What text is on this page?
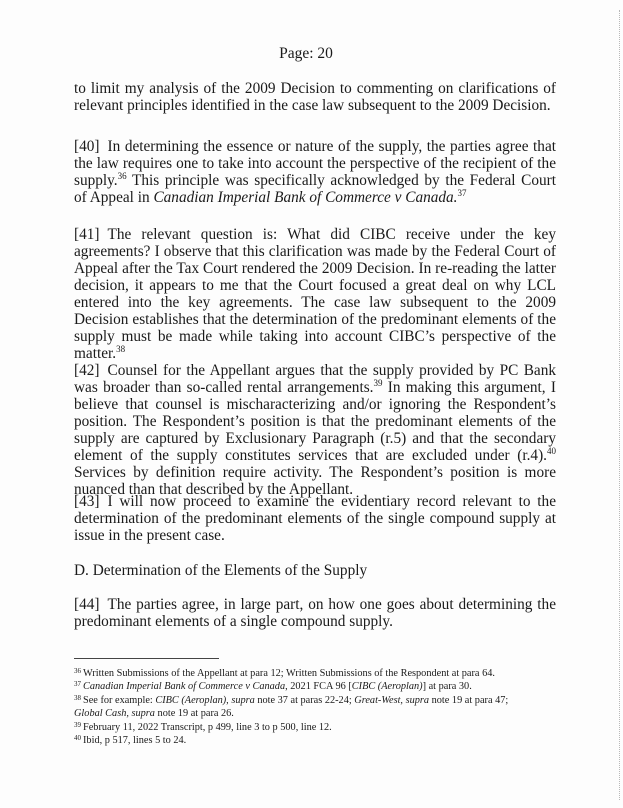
Page: 20

to limit my analysis of the 2009 Decision to commenting on clarifications of relevant principles identified in the case law subsequent to the 2009 Decision.

[40] In determining the essence or nature of the supply, the parties agree that the law requires one to take into account the perspective of the recipient of the supply.$^{36}$ This principle was specifically acknowledged by the Federal Court of Appeal in Canadian Imperial Bank of Commerce v Canada.$^{37}$

[41] The relevant question is: What did CIBC receive under the key agreements? I observe that this clarification was made by the Federal Court of Appeal after the Tax Court rendered the 2009 Decision. In re-reading the latter decision, it appears to me that the Court focused a great deal on why LCL entered into the key agreements. The case law subsequent to the 2009 Decision establishes that the determination of the predominant elements of the supply must be made while taking into account CIBC’s perspective of the matter.$^{38}$

[42] Counsel for the Appellant argues that the supply provided by PC Bank was broader than so-called rental arrangements.$^{39}$ In making this argument, I believe that counsel is mischaracterizing and/or ignoring the Respondent’s position. The Respondent’s position is that the predominant elements of the supply are captured by Exclusionary Paragraph (r.5) and that the secondary element of the supply constitutes services that are excluded under (r.4).$^{40}$ Services by definition require activity. The Respondent’s position is more nuanced than that described by the Appellant.

[43] I will now proceed to examine the evidentiary record relevant to the determination of the predominant elements of the single compound supply at issue in the present case.

D. Determination of the Elements of the Supply

[44] The parties agree, in large part, on how one goes about determining the predominant elements of a single compound supply.

$^{36}$ Written Submissions of the Appellant at para 12; Written Submissions of the Respondent at para 64.

$^{37}$ Canadian Imperial Bank of Commerce v Canada, 2021 FCA 96 [CIBC (Aeroplan)] at para 30.

$^{38}$ See for example: CIBC (Aeroplan), supra note 37 at paras 22-24; Great-West, supra note 19 at para 47;
Global Cash, supra note 19 at para 26.

$^{39}$ February 11, 2022 Transcript, p 499, line 3 to p 500, line 12.

$^{40}$ Ibid, p 517, lines 5 to 24.
